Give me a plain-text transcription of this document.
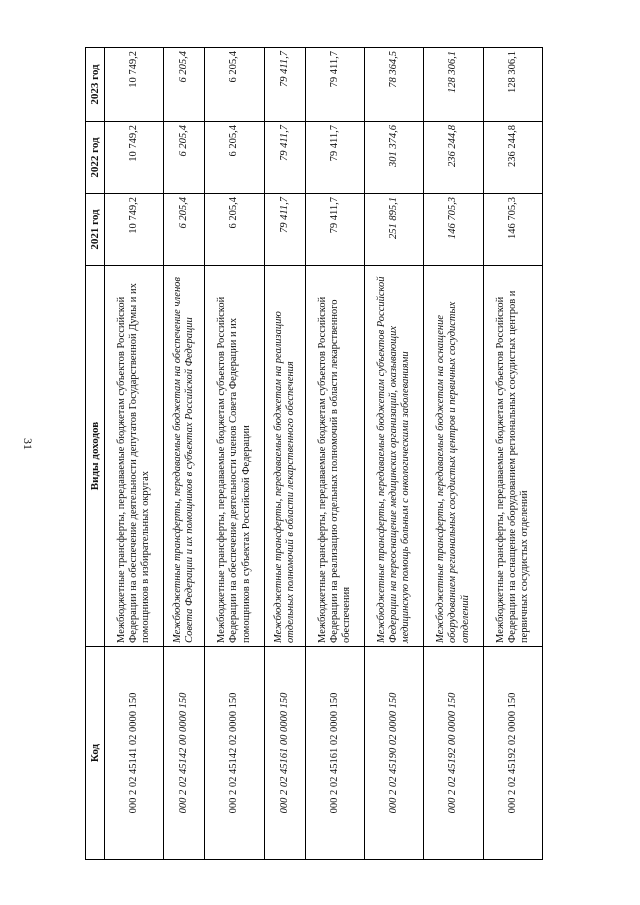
31
Код	Виды доходов	2021 год	2022 год	2023 год
000 2 02 45141 02 0000 150	Межбюджетные трансферты, передаваемые бюджетам субъектов Российской Федерации на обеспечение деятельности депутатов Государственной Думы и их помощников в избирательных округах	10 749,2	10 749,2	10 749,2
000 2 02 45142 00 0000 150	Межбюджетные трансферты, передаваемые бюджетам на обеспечение членов Совета Федерации и их помощников в субъектах Российской Федерации	6 205,4	6 205,4	6 205,4
000 2 02 45142 02 0000 150	Межбюджетные трансферты, передаваемые бюджетам субъектов Российской Федерации на обеспечение деятельности членов Совета Федерации и их помощников в субъектах Российской Федерации	6 205,4	6 205,4	6 205,4
000 2 02 45161 00 0000 150	Межбюджетные трансферты, передаваемые бюджетам на реализацию отдельных полномочий в области лекарственного обеспечения	79 411,7	79 411,7	79 411,7
000 2 02 45161 02 0000 150	Межбюджетные трансферты, передаваемые бюджетам субъектов Российской Федерации на реализацию отдельных полномочий в области лекарственного обеспечения	79 411,7	79 411,7	79 411,7
000 2 02 45190 02 0000 150	Межбюджетные трансферты, передаваемые бюджетам субъектов Российской Федерации на переоснащение медицинских организаций, оказывающих медицинскую помощь больным с онкологическими заболеваниями	251 895,1	301 374,6	78 364,5
000 2 02 45192 00 0000 150	Межбюджетные трансферты, передаваемые бюджетам на оснащение оборудованием региональных сосудистых центров и первичных сосудистых отделений	146 705,3	236 244,8	128 306,1
000 2 02 45192 02 0000 150	Межбюджетные трансферты, передаваемые бюджетам субъектов Российской Федерации на оснащение оборудованием региональных сосудистых центров и первичных сосудистых отделений	146 705,3	236 244,8	128 306,1
